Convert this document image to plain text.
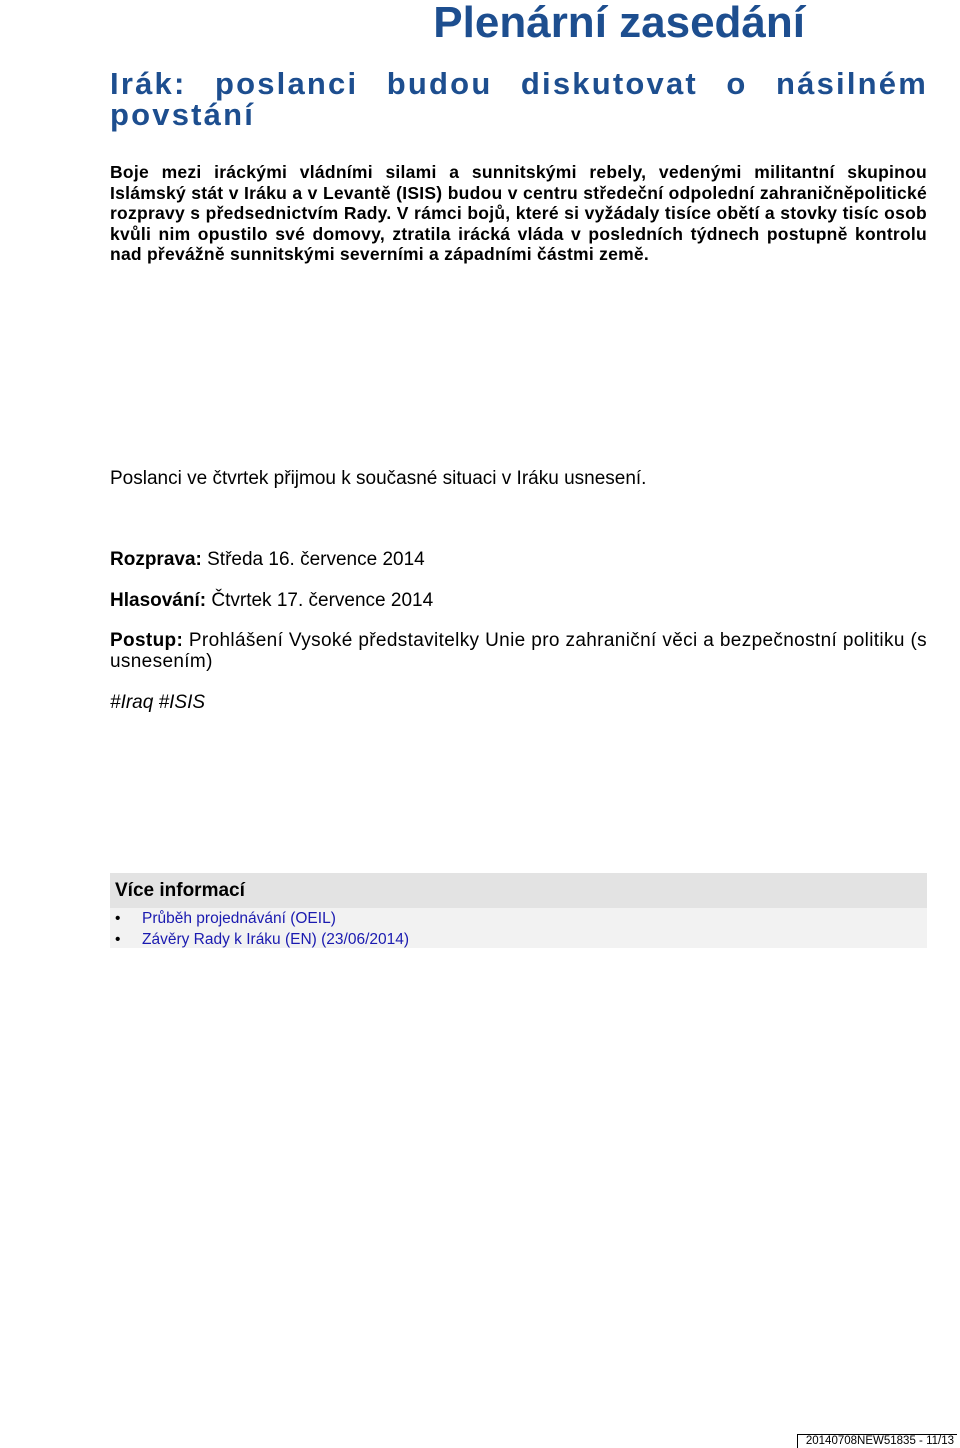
Plenární zasedání
Irák: poslanci budou diskutovat o násilném povstání

Boje mezi iráckými vládními silami a sunnitskými rebely, vedenými militantní skupinou Islámský stát v Iráku a v Levantě (ISIS) budou v centru středeční odpolední zahraničněpolitické rozpravy s předsednictvím Rady. V rámci bojů, které si vyžádaly tisíce obětí a stovky tisíc osob kvůli nim opustilo své domovy, ztratila irácká vláda v posledních týdnech postupně kontrolu nad převážně sunnitskými severními a západními částmi země.

Poslanci ve čtvrtek přijmou k současné situaci v Iráku usnesení.

Rozprava: Středa 16. července 2014

Hlasování: Čtvrtek 17. července 2014

Postup: Prohlášení Vysoké představitelky Unie pro zahraniční věci a bezpečnostní politiku (s usnesením)

#Iraq #ISIS

Více informací
• Průběh projednávání (OEIL)
• Závěry Rady k Iráku (EN) (23/06/2014)
20140708NEW51835 - 11/13
